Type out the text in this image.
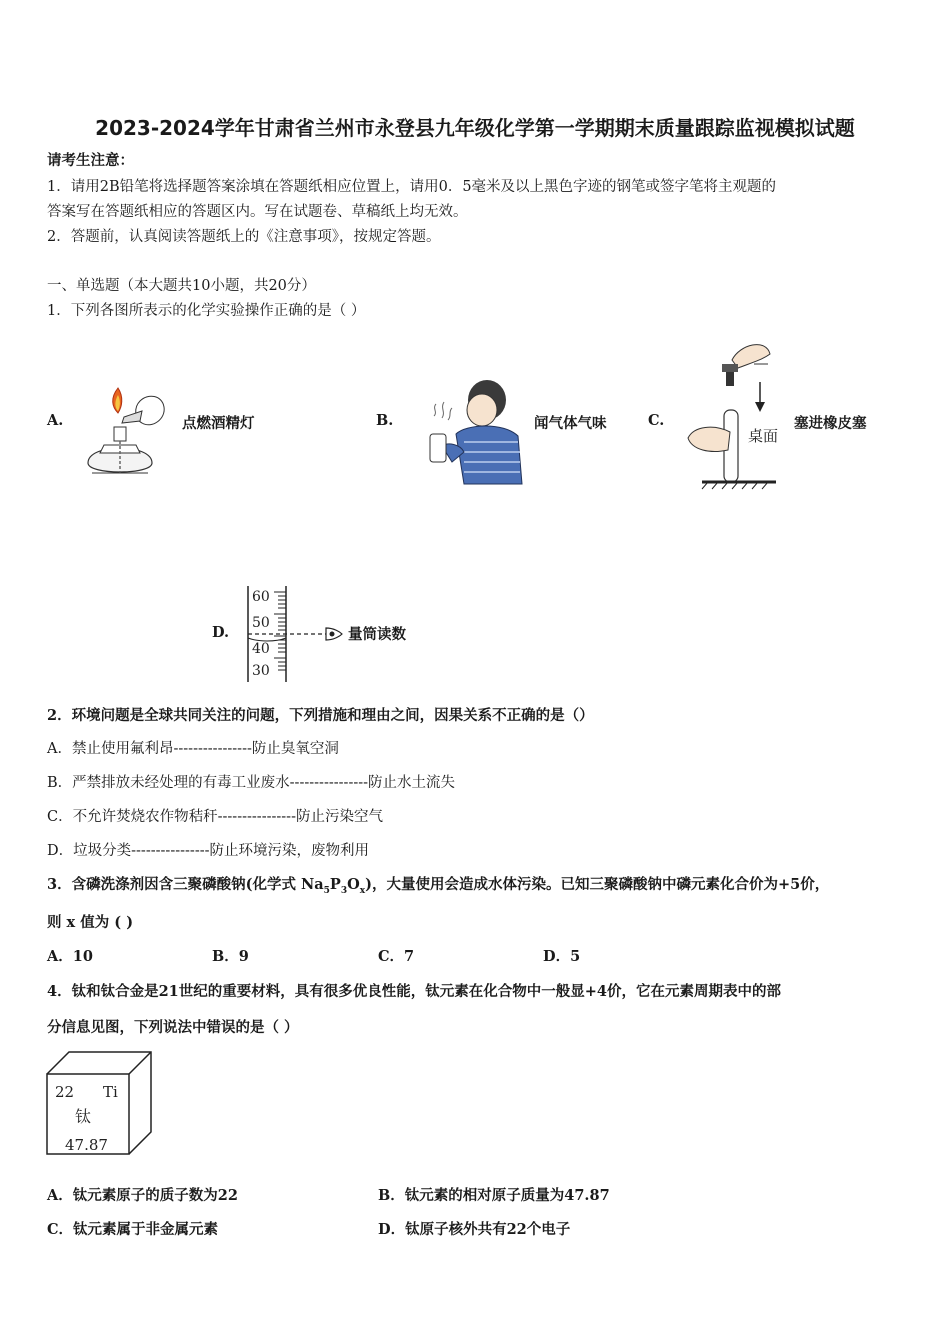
2023-2024学年甘肃省兰州市永登县九年级化学第一学期期末质量跟踪监视模拟试题
请考生注意：
1．请用2B铅笔将选择题答案涂填在答题纸相应位置上，请用0．5毫米及以上黑色字迹的钢笔或签字笔将主观题的
答案写在答题纸相应的答题区内。写在试题卷、草稿纸上均无效。
2．答题前，认真阅读答题纸上的《注意事项》，按规定答题。
一、单选题（本大题共10小题，共20分）
1．下列各图所表示的化学实验操作正确的是（ ）
A.	点燃酒精灯	B.	闻气体气味	C.
桌面
塞进橡皮塞
D.
60
50
40
30
量筒读数
2．环境问题是全球共同关注的问题，下列措施和理由之间，因果关系不正确的是（）
A．禁止使用氟利昂----------------防止臭氧空洞
B．严禁排放未经处理的有毒工业废水----------------防止水土流失
C．不允许焚烧农作物秸秆----------------防止污染空气
D．垃圾分类----------------防止环境污染，废物利用
3．含磷洗涤剂因含三聚磷酸钠(化学式 $Na_5P_3O_x$)，大量使用会造成水体污染。已知三聚磷酸钠中磷元素化合价为+5价，
则 x 值为 ( )
A．10	B．9	C．7	D．5
4．钛和钛合金是21世纪的重要材料，具有很多优良性能，钛元素在化合物中一般显+4价，它在元素周期表中的部
分信息见图，下列说法中错误的是（ ）
22 Ti
钛
47.87
A．钛元素原子的质子数为22	B．钛元素的相对原子质量为47.87
C．钛元素属于非金属元素	D．钛原子核外共有22个电子
